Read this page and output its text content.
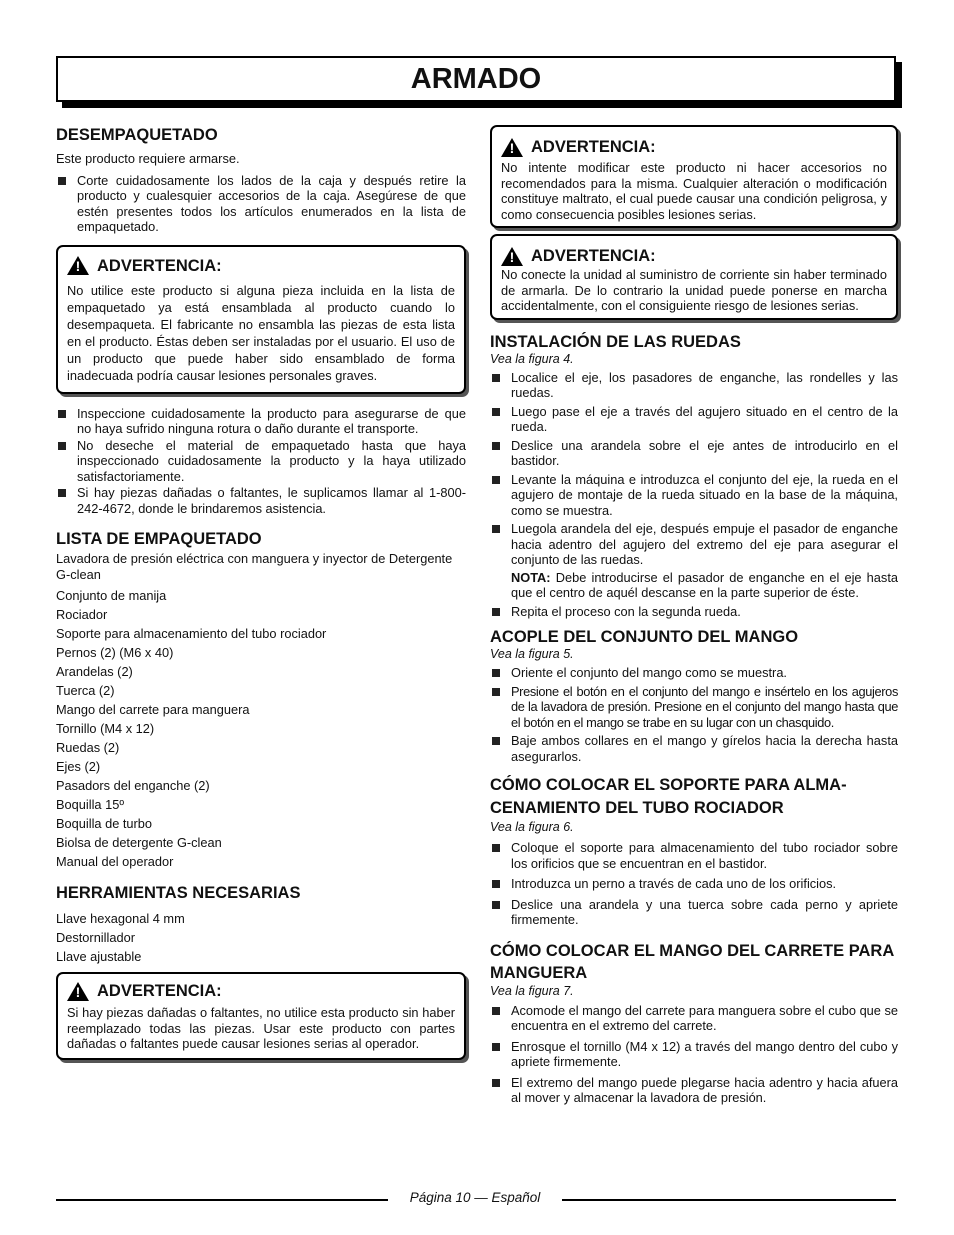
ARMADO
DESEMPAQUETADO

Este producto requiere armarse.

Corte cuidadosamente los lados de la caja y después retire la producto y cualesquier accesorios de la caja. Asegúrese de que estén presentes todos los artículos enumerados en la lista de empaquetado.
! ADVERTENCIA:

No utilice este producto si alguna pieza incluida en la lista de empaquetado ya está ensamblada al producto cuando lo desempaqueta. El fabricante no ensambla las piezas de esta lista en el producto. Éstas deben ser instaladas por el usuario. El uso de un producto que puede haber sido ensamblado de forma inadecuada podría causar lesiones personales graves.

Inspeccione cuidadosamente la producto para asegurarse de que no haya sufrido ninguna rotura o daño durante el transporte.
No deseche el material de empaquetado hasta que haya inspeccionado cuidadosamente la producto y la haya utilizado satisfactoriamente.
Si hay piezas dañadas o faltantes, le suplicamos llamar al 1-800-242-4672, donde le brindaremos asistencia.
LISTA DE EMPAQUETADO

Lavadora de presión eléctrica con manguera y inyector de Detergente G-clean

Conjunto de manija

Rociador

Soporte para almacenamiento del tubo rociador

Pernos (2) (M6 x 40)

Arandelas (2)

Tuerca (2)

Mango del carrete para manguera

Tornillo (M4 x 12)

Ruedas (2)

Ejes (2)

Pasadors del enganche (2)

Boquilla 15º

Boquilla de turbo

Biolsa de detergente G-clean

Manual del operador

HERRAMIENTAS NECESARIAS

Llave hexagonal 4 mm

Destornillador

Llave ajustable

! ADVERTENCIA:

Si hay piezas dañadas o faltantes, no utilice esta producto sin haber reemplazado todas las piezas. Usar este producto con partes dañadas o faltantes puede causar lesiones serias al operador.

! ADVERTENCIA:

No intente modificar este producto ni hacer accesorios no recomendados para la misma. Cualquier alteración o modificación constituye maltrato, el cual puede causar una condición peligrosa, y como consecuencia posibles lesiones serias.

! ADVERTENCIA:

No conecte la unidad al suministro de corriente sin haber terminado de armarla. De lo contrario la unidad puede ponerse en marcha accidentalmente, con el consiguiente riesgo de lesiones serias.

INSTALACIÓN DE LAS RUEDAS

Vea la figura 4.

Localice el eje, los pasadores de enganche, las rondelles y las ruedas.
Luego pase el eje a través del agujero situado en el centro de la rueda.
Deslice una arandela sobre el eje antes de introducirlo en el bastidor.
Levante la máquina e introduzca el conjunto del eje, la rueda en el agujero de montaje de la rueda situado en la base de la máquina, como se muestra.
Luegola arandela del eje, después empuje el pasador de enganche hacia adentro del agujero del extremo del eje para asegurar el conjunto de las ruedas.

NOTA: Debe introducirse el pasador de enganche en el eje hasta que el centro de aquél descanse en la parte superior de éste.

Repita el proceso con la segunda rueda.
ACOPLE DEL CONJUNTO DEL MANGO

Vea la figura 5.

Oriente el conjunto del mango como se muestra.
Presione el botón en el conjunto del mango e insértelo en los agujeros de la lavadora de presión. Presione en el conjunto del mango hasta que el botón en el mango se trabe en su lugar con un chasquido.
Baje ambos collares en el mango y gírelos hacia la derecha hasta asegurarlos.
CÓMO COLOCAR EL SOPORTE PARA ALMA-CENAMIENTO DEL TUBO ROCIADOR

Vea la figura 6.

Coloque el soporte para almacenamiento del tubo rociador sobre los orificios que se encuentran en el bastidor.
Introduzca un perno a través de cada uno de los orificios.
Deslice una arandela y una tuerca sobre cada perno y apriete firmemente.
CÓMO COLOCAR EL MANGO DEL CARRETE PARA MANGUERA

Vea la figura 7.

Acomode el mango del carrete para manguera sobre el cubo que se encuentra en el extremo del carrete.
Enrosque el tornillo (M4 x 12) a través del mango dentro del cubo y apriete firmemente.
El extremo del mango puede plegarse hacia adentro y hacia afuera al mover y almacenar la lavadora de presión.
Página 10 — Español
